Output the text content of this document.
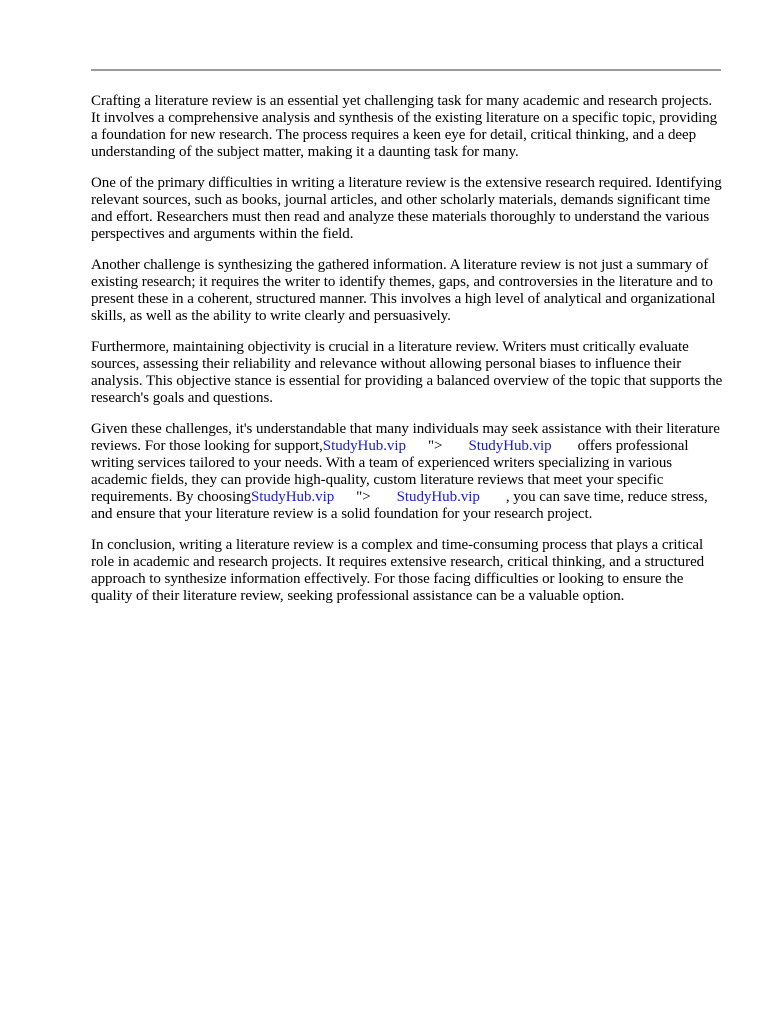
Crafting a literature review is an essential yet challenging task for many academic and research projects. It involves a comprehensive analysis and synthesis of the existing literature on a specific topic, providing a foundation for new research. The process requires a keen eye for detail, critical thinking, and a deep understanding of the subject matter, making it a daunting task for many.

One of the primary difficulties in writing a literature review is the extensive research required. Identifying relevant sources, such as books, journal articles, and other scholarly materials, demands significant time and effort. Researchers must then read and analyze these materials thoroughly to understand the various perspectives and arguments within the field.

Another challenge is synthesizing the gathered information. A literature review is not just a summary of existing research; it requires the writer to identify themes, gaps, and controversies in the literature and to present these in a coherent, structured manner. This involves a high level of analytical and organizational skills, as well as the ability to write clearly and persuasively.

Furthermore, maintaining objectivity is crucial in a literature review. Writers must critically evaluate sources, assessing their reliability and relevance without allowing personal biases to influence their analysis. This objective stance is essential for providing a balanced overview of the topic that supports the research's goals and questions.

Given these challenges, it's understandable that many individuals may seek assistance with their literature reviews. For those looking for support,StudyHub.vip "> StudyHub.vip offers professional writing services tailored to your needs. With a team of experienced writers specializing in various academic fields, they can provide high-quality, custom literature reviews that meet your specific requirements. By choosingStudyHub.vip "> StudyHub.vip , you can save time, reduce stress, and ensure that your literature review is a solid foundation for your research project.

In conclusion, writing a literature review is a complex and time-consuming process that plays a critical role in academic and research projects. It requires extensive research, critical thinking, and a structured approach to synthesize information effectively. For those facing difficulties or looking to ensure the quality of their literature review, seeking professional assistance can be a valuable option.
